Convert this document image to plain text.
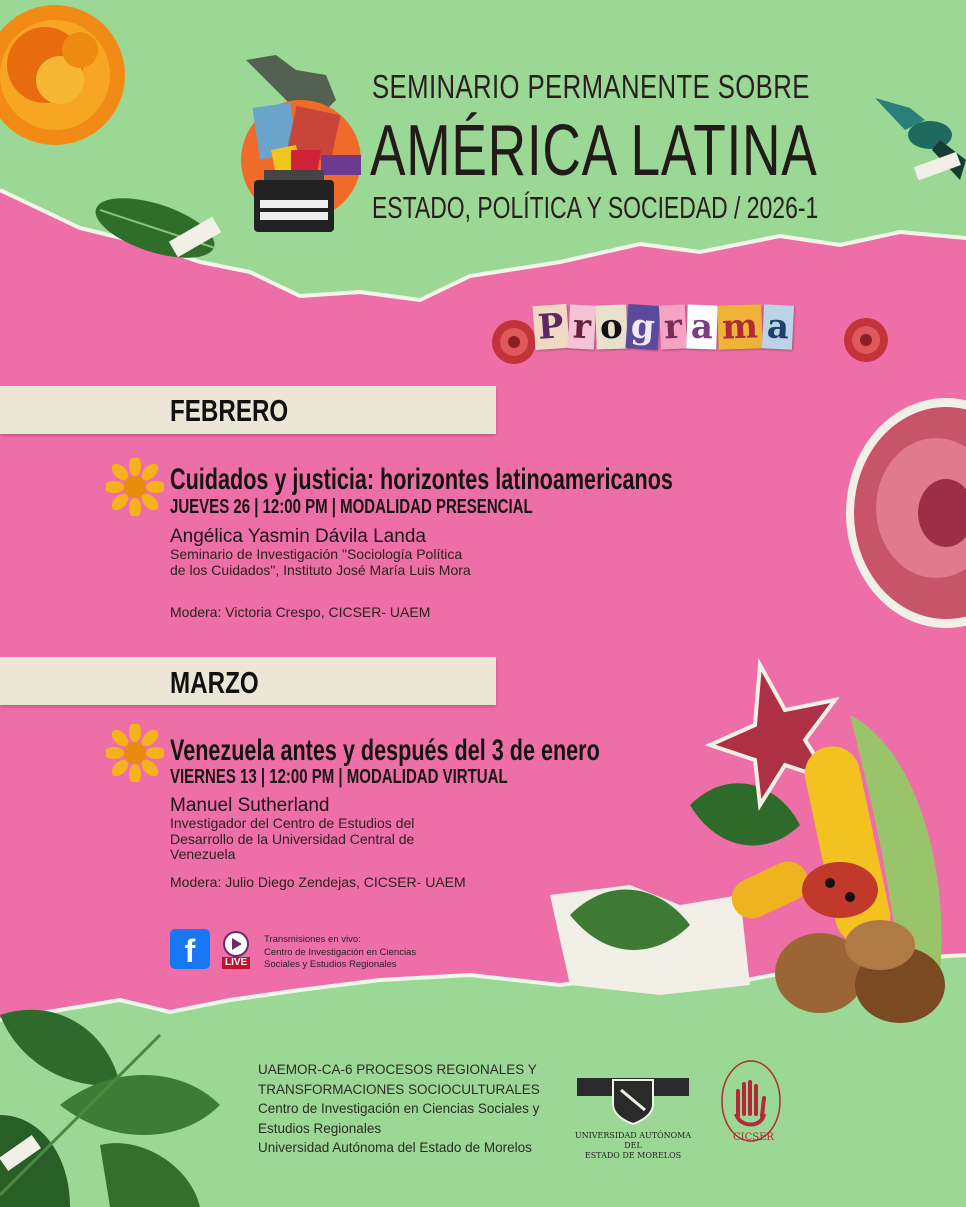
SEMINARIO PERMANENTE SOBRE
AMÉRICA LATINA
ESTADO, POLÍTICA Y SOCIEDAD / 2026-1
P r o g r a m a
FEBRERO
Cuidados y justicia: horizontes latinoamericanos
JUEVES 26 | 12:00 PM | MODALIDAD PRESENCIAL
Angélica Yasmin Dávila Landa
Seminario de Investigación "Sociología Política de los Cuidados", Instituto José María Luis Mora
Modera: Victoria Crespo, CICSER- UAEM
MARZO
Venezuela antes y después del 3 de enero
VIERNES 13 | 12:00 PM | MODALIDAD VIRTUAL
Manuel Sutherland
Investigador del Centro de Estudios del Desarrollo de la Universidad Central de Venezuela
Modera: Julio Diego Zendejas, CICSER- UAEM
f	LIVE
Transmisiones en vivo:
Centro de Investigación en Ciencias
Sociales y Estudios Regionales
UAEMOR-CA-6 PROCESOS REGIONALES Y
TRANSFORMACIONES SOCIOCULTURALES
Centro de Investigación en Ciencias Sociales y
Estudios Regionales
Universidad Autónoma del Estado de Morelos
UNIVERSIDAD AUTÓNOMA DEL
ESTADO DE MORELOS
CICSER
